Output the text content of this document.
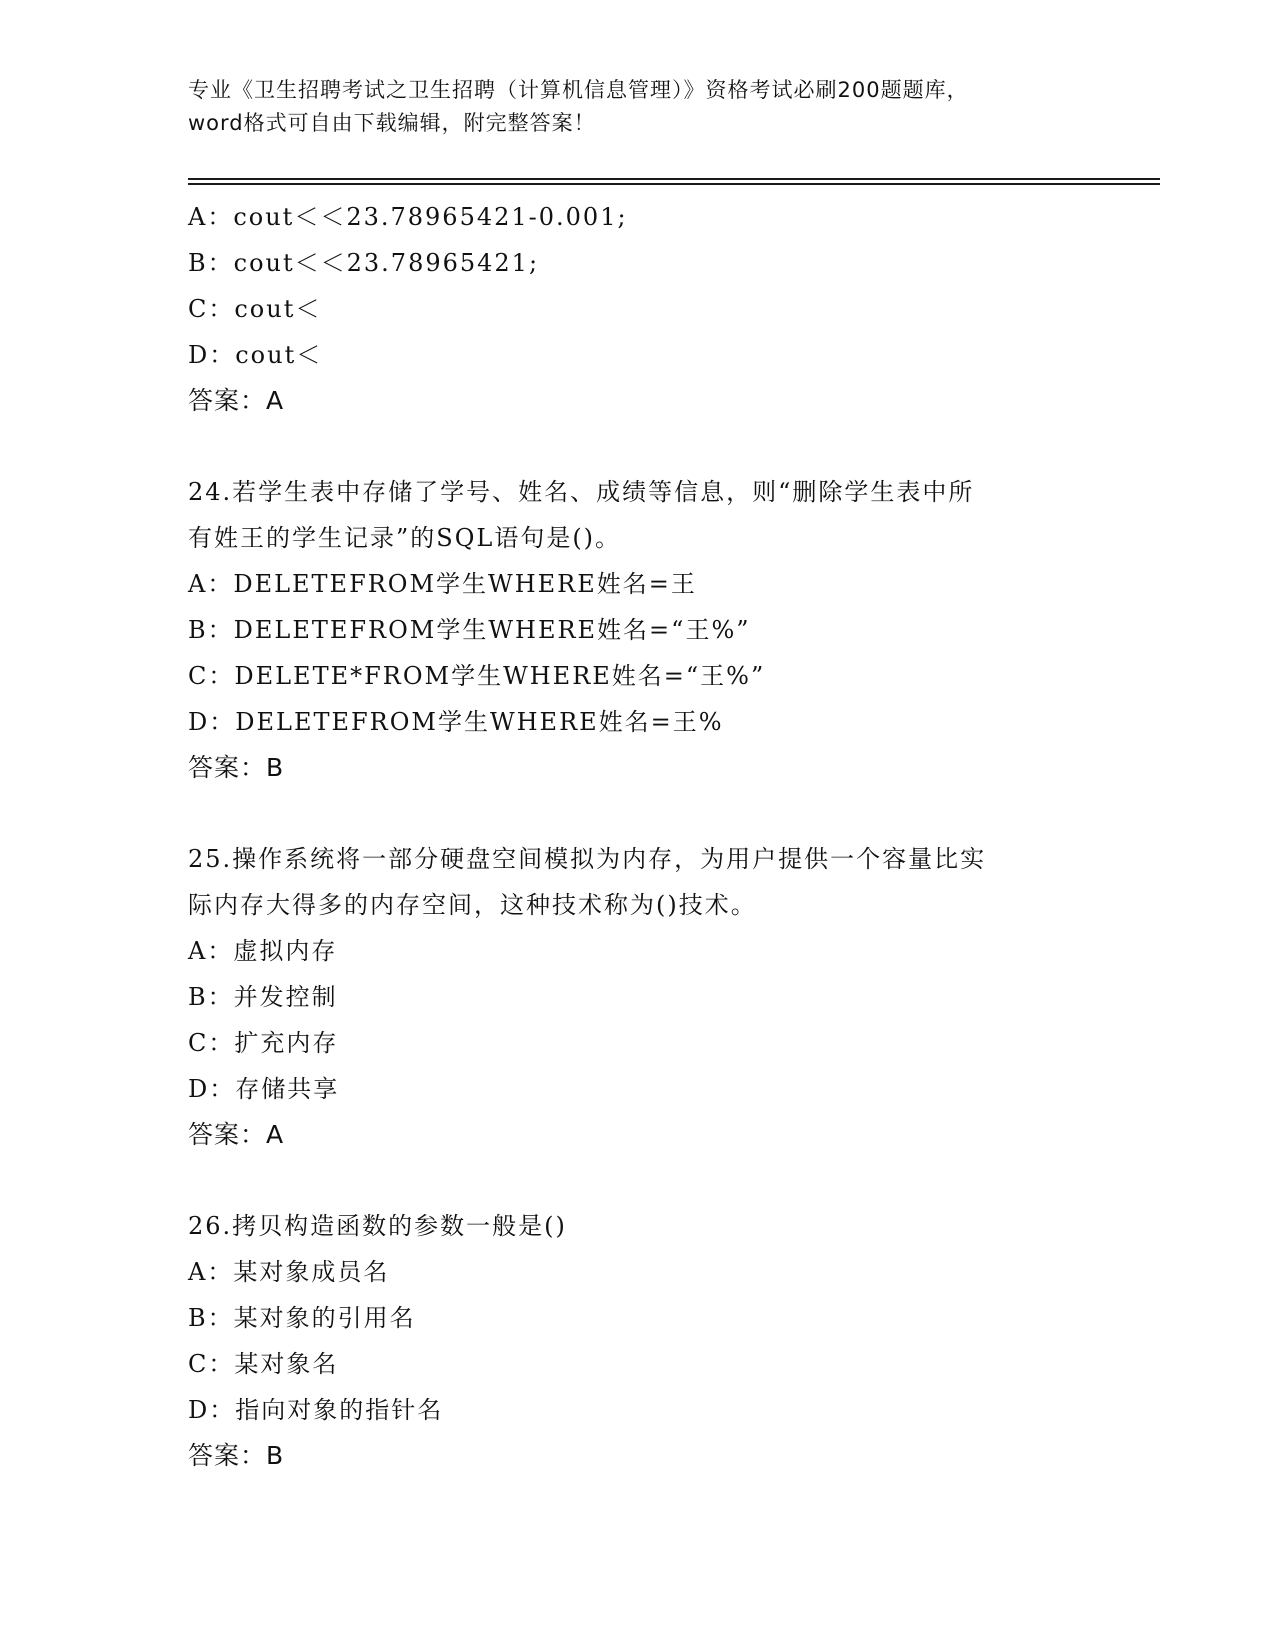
专业《卫生招聘考试之卫生招聘（计算机信息管理）》资格考试必刷200题题库，
word格式可自由下载编辑，附完整答案！
A：cout＜＜23.78965421-0.001;
B：cout＜＜23.78965421;
C：cout＜
D：cout＜
答案：A
24.若学生表中存储了学号、姓名、成绩等信息，则“删除学生表中所
有姓王的学生记录”的SQL语句是()。
A：DELETEFROM学生WHERE姓名=王
B：DELETEFROM学生WHERE姓名=“王%”
C：DELETE*FROM学生WHERE姓名=“王%”
D：DELETEFROM学生WHERE姓名=王%
答案：B
25.操作系统将一部分硬盘空间模拟为内存，为用户提供一个容量比实
际内存大得多的内存空间，这种技术称为()技术。
A：虚拟内存
B：并发控制
C：扩充内存
D：存储共享
答案：A
26.拷贝构造函数的参数一般是()
A：某对象成员名
B：某对象的引用名
C：某对象名
D：指向对象的指针名
答案：B
